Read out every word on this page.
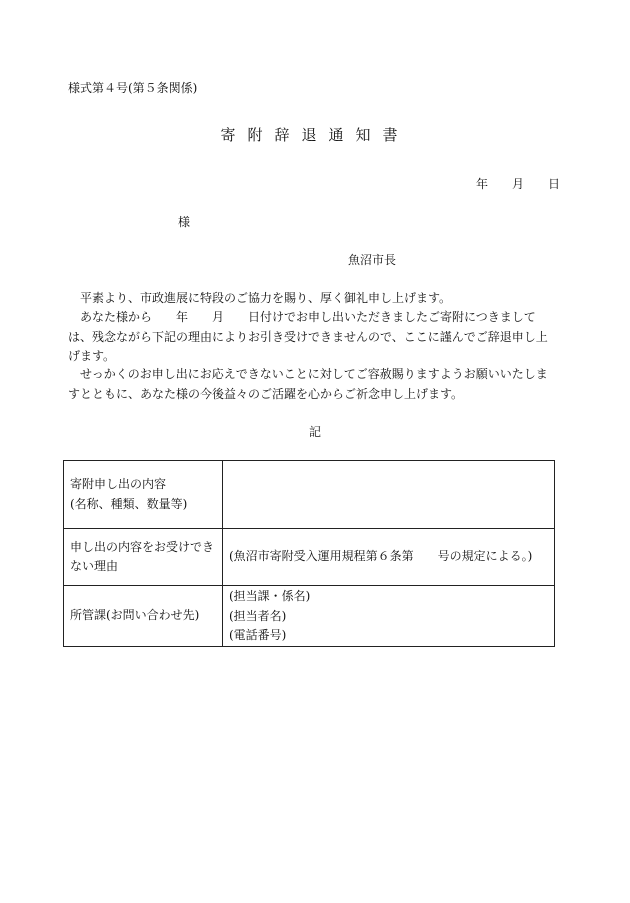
様式第４号(第５条関係)
寄附辞退通知書
年　　月　　日
様
魚沼市長
　平素より、市政進展に特段のご協力を賜り、厚く御礼申し上げます。
　あなた様から　　年　　月　　日付けでお申し出いただきましたご寄附につきましては、残念ながら下記の理由によりお引き受けできませんので、ここに謹んでご辞退申し上げます。
　せっかくのお申し出にお応えできないことに対してご容赦賜りますようお願いいたしますとともに、あなた様の今後益々のご活躍を心からご祈念申し上げます。
記
寄附申し出の内容
(名称、種類、数量等)	
申し出の内容をお受けできない理由	(魚沼市寄附受入運用規程第６条第　　号の規定による。)
所管課(お問い合わせ先)	(担当課・係名)
(担当者名)
(電話番号)
